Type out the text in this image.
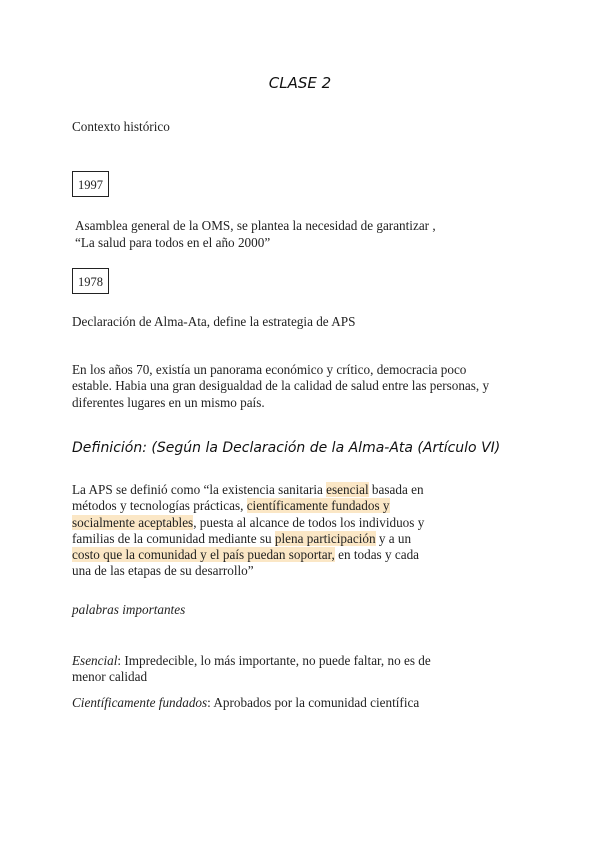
CLASE 2
Contexto histórico
1997
Asamblea general de la OMS, se plantea la necesidad de garantizar ,
“La salud para todos en el año 2000”
1978
Declaración de Alma-Ata, define la estrategia de APS
En los años 70, existía un panorama económico y crítico, democracia poco
estable. Habia una gran desigualdad de la calidad de salud entre las personas, y
diferentes lugares en un mismo país.
Definición: (Según la Declaración de la Alma-Ata (Artículo VI)
La APS se definió como “la existencia sanitaria esencial basada en
métodos y tecnologías prácticas, científicamente fundados y
socialmente aceptables, puesta al alcance de todos los individuos y
familias de la comunidad mediante su plena participación y a un
costo que la comunidad y el país puedan soportar, en todas y cada
una de las etapas de su desarrollo”
palabras importantes
Esencial: Impredecible, lo más importante, no puede faltar, no es de
menor calidad
Científicamente fundados: Aprobados por la comunidad científica
